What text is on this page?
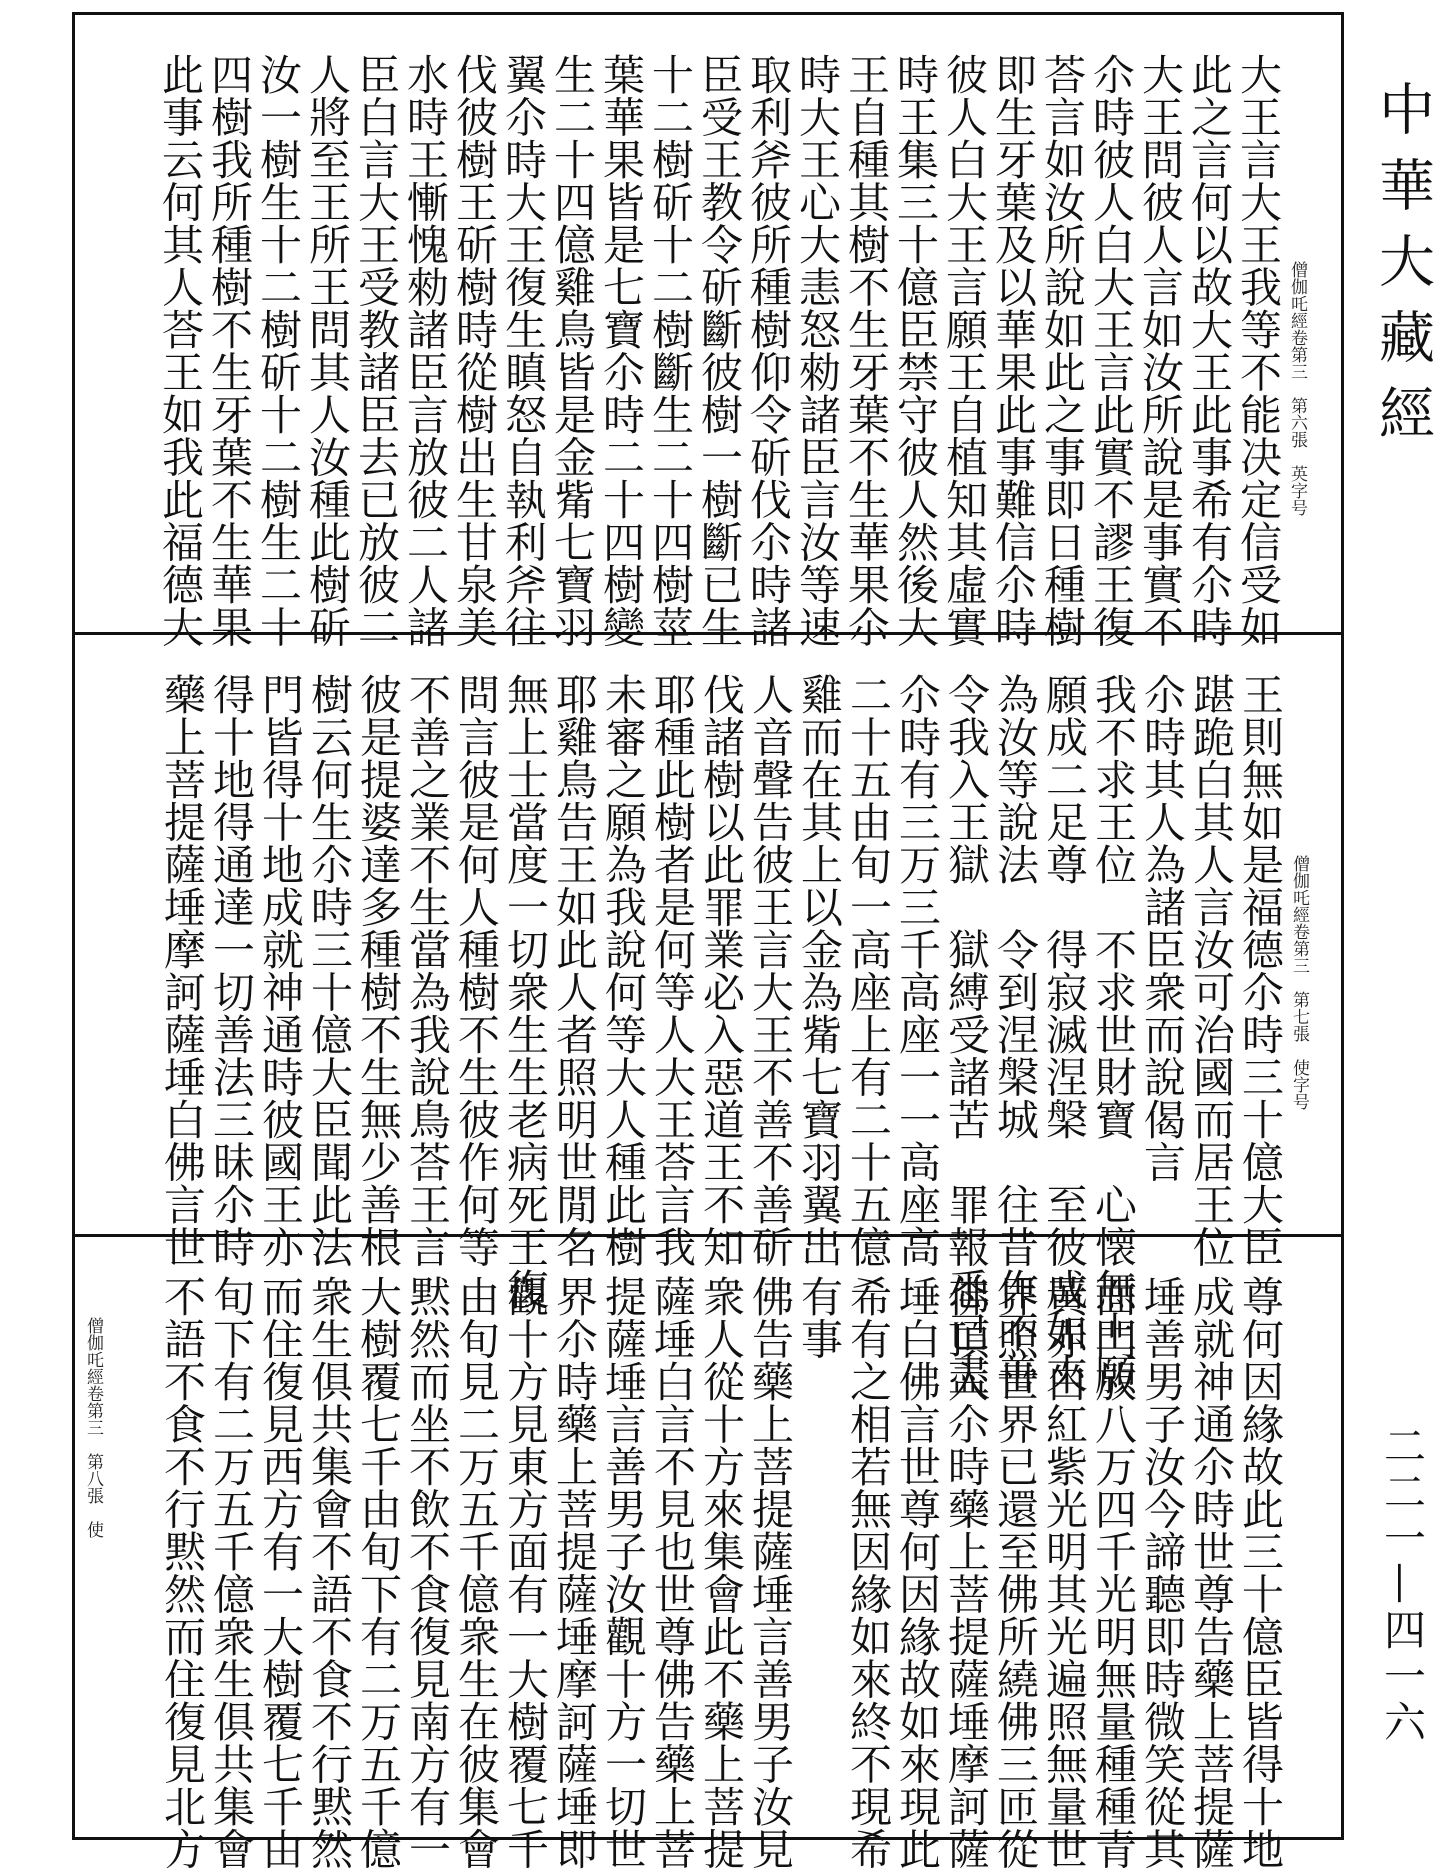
中華大藏經
二二一—四一六
僧伽吒經卷第三　第六張　英字号
大王言大王我等不能决定信受如
此之言何以故大王此事希有尒時
大王問彼人言如汝所說是事實不
尒時彼人白大王言此實不謬王復
荅言如汝所說如此之事即日種樹
即生牙葉及以華果此事難信尒時
彼人白大王言願王自植知其虛實
時王集三十億臣禁守彼人然後大
王自種其樹不生牙葉不生華果尒
時大王心大恚怒勑諸臣言汝等速
取利斧彼所種樹仰令斫伐尒時諸
臣受王教令斫斷彼樹一樹斷已生
十二樹斫十二樹斷生二十四樹莖
葉華果皆是七寶尒時二十四樹變
生二十四億雞鳥皆是金觜七寶羽
翼尒時大王復生瞋怒自執利斧往
伐彼樹王斫樹時從樹出生甘泉美
水時王慚愧勑諸臣言放彼二人諸
臣白言大王受教諸臣去已放彼二
人將至王所王問其人汝種此樹斫
汝一樹生十二樹斫十二樹生二十
四樹我所種樹不生牙葉不生華果
此事云何其人荅王如我此福德大
僧伽吒經卷第三　第七張　使字号
王則無如是福德尒時三十億大臣
踸跪白其人言汝可治國而居王位
尒時其人為諸臣衆而說偈言
我不求王位　不求世財寶　心懐無上願
願成二足尊　得寂滅涅槃　至彼成如來
為汝等說法　令到涅槃城　往昔作不善
令我入王獄　獄縛受諸苦　罪報悉已盡
尒時有三万三千高座一一高座高
二十五由旬一高座上有二十五億
雞而在其上以金為觜七寶羽翼出
人音聲告彼王言大王不善不善斫
伐諸樹以此罪業必入惡道王不知
耶種此樹者是何等人大王荅言我
未審之願為我說何等大人種此樹
耶雞鳥告王如此人者照明世閒名
無上士當度一切衆生生老病死王復
問言彼是何人種樹不生彼作何等
不善之業不生當為我說鳥荅王言
彼是提婆達多種樹不生無少善根
樹云何生尒時三十億大臣聞此法
門皆得十地成就神通時彼國王亦
得十地得通達一切善法三昧尒時
藥上菩提薩埵摩訶薩埵白佛言世
僧伽吒經卷第三　第八張　使	尊何因緣故此三十億臣皆得十地
成就神通尒時世尊告藥上菩提薩
埵善男子汝今諦聽即時微笑從其
面門放八万四千光明無量種種青
黃赤白紅紫光明其光遍照無量世
界照世界已還至佛所繞佛三匝從
佛頂入尒時藥上菩提薩埵摩訶薩
埵白佛言世尊何因緣故如來現此
希有之相若無因緣如來終不現希
有事
佛告藥上菩提薩埵言善男子汝見
衆人從十方來集會此不藥上菩提
薩埵白言不見也世尊佛告藥上菩
提薩埵言善男子汝觀十方一切世
界尒時藥上菩提薩埵摩訶薩埵即
觀十方見東方面有一大樹覆七千
由旬見二万五千億衆生在彼集會
黙然而坐不飲不食復見南方有一
大樹覆七千由旬下有二万五千億
衆生俱共集會不語不食不行黙然
而住復見西方有一大樹覆七千由
旬下有二万五千億衆生俱共集會
不語不食不行黙然而住復見北方
